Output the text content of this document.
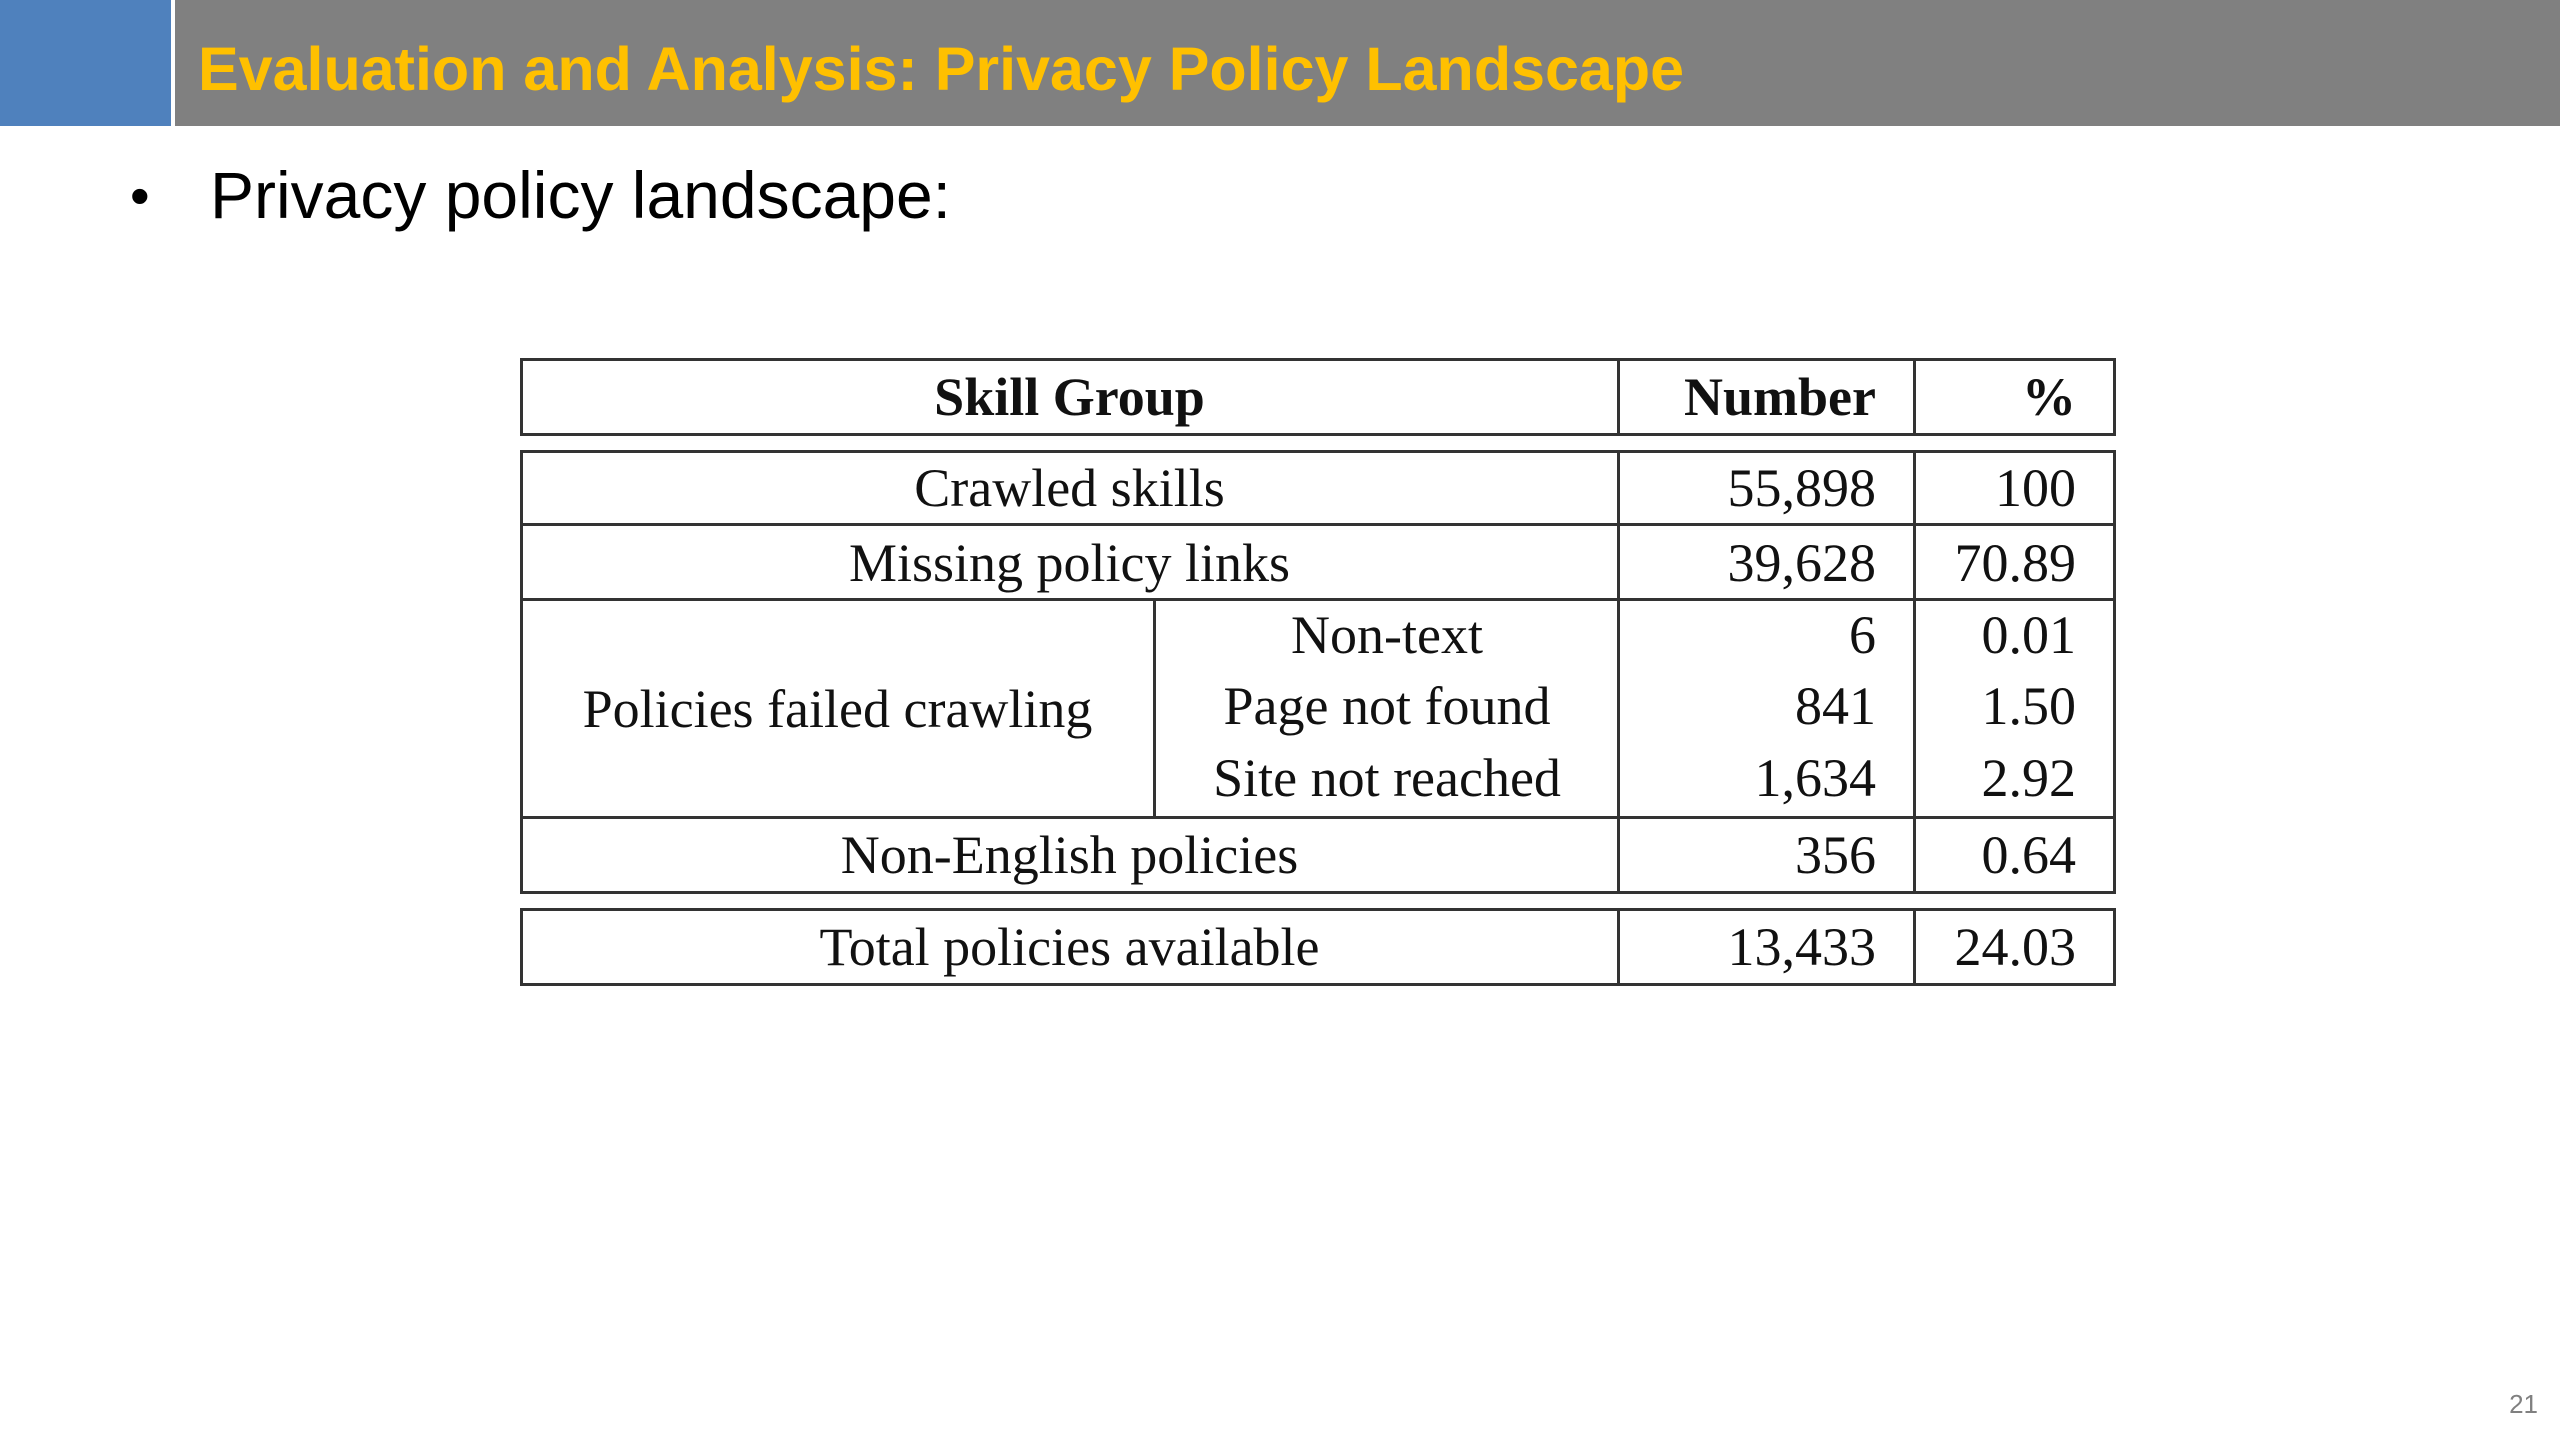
Evaluation and Analysis: Privacy Policy Landscape
• Privacy policy landscape:
Skill Group	Number	%
Crawled skills	55,898	100
Missing policy links	39,628	70.89
Policies failed crawling
Non-text	6	0.01
Page not found	841	1.50
Site not reached	1,634	2.92
Non-English policies	356	0.64
Total policies available	13,433	24.03
21
